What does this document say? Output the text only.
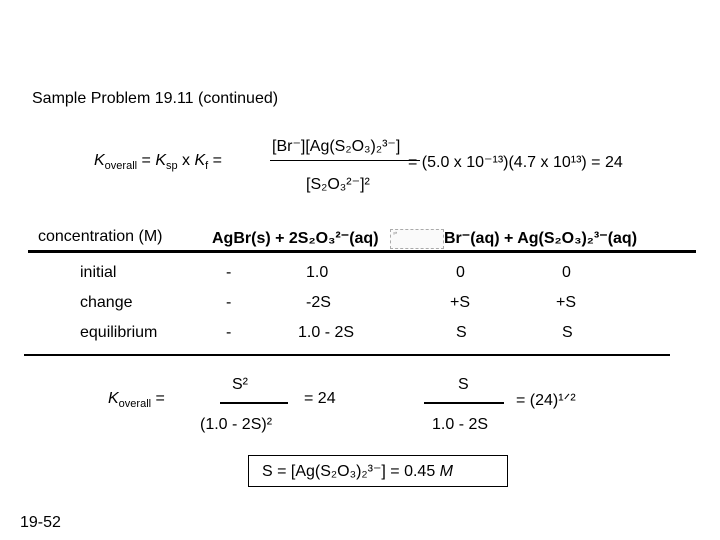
Sample Problem 19.11 (continued)
$K_{overall} = K_{sp}$ x $K_f$ =
[Br⁻][Ag(S₂O₃)₂³⁻]
[S₂O₃²⁻]²
= (5.0 x 10⁻¹³)(4.7 x 10¹³) = 24
concentration (M)	AgBr(s) + 2S₂O₃²⁻(aq)	⇌	Br⁻(aq) + Ag(S₂O₃)₂³⁻(aq)
initial	-	1.0	0	0
change	-	-2S	+S	+S
equilibrium	-	1.0 - 2S	S	S
$K_{overall}$ =
S²
(1.0 - 2S)²
= 24
S
1.0 - 2S
= (24)¹ᐟ²
S = [Ag(S₂O₃)₂³⁻] = 0.45 M
19-52
